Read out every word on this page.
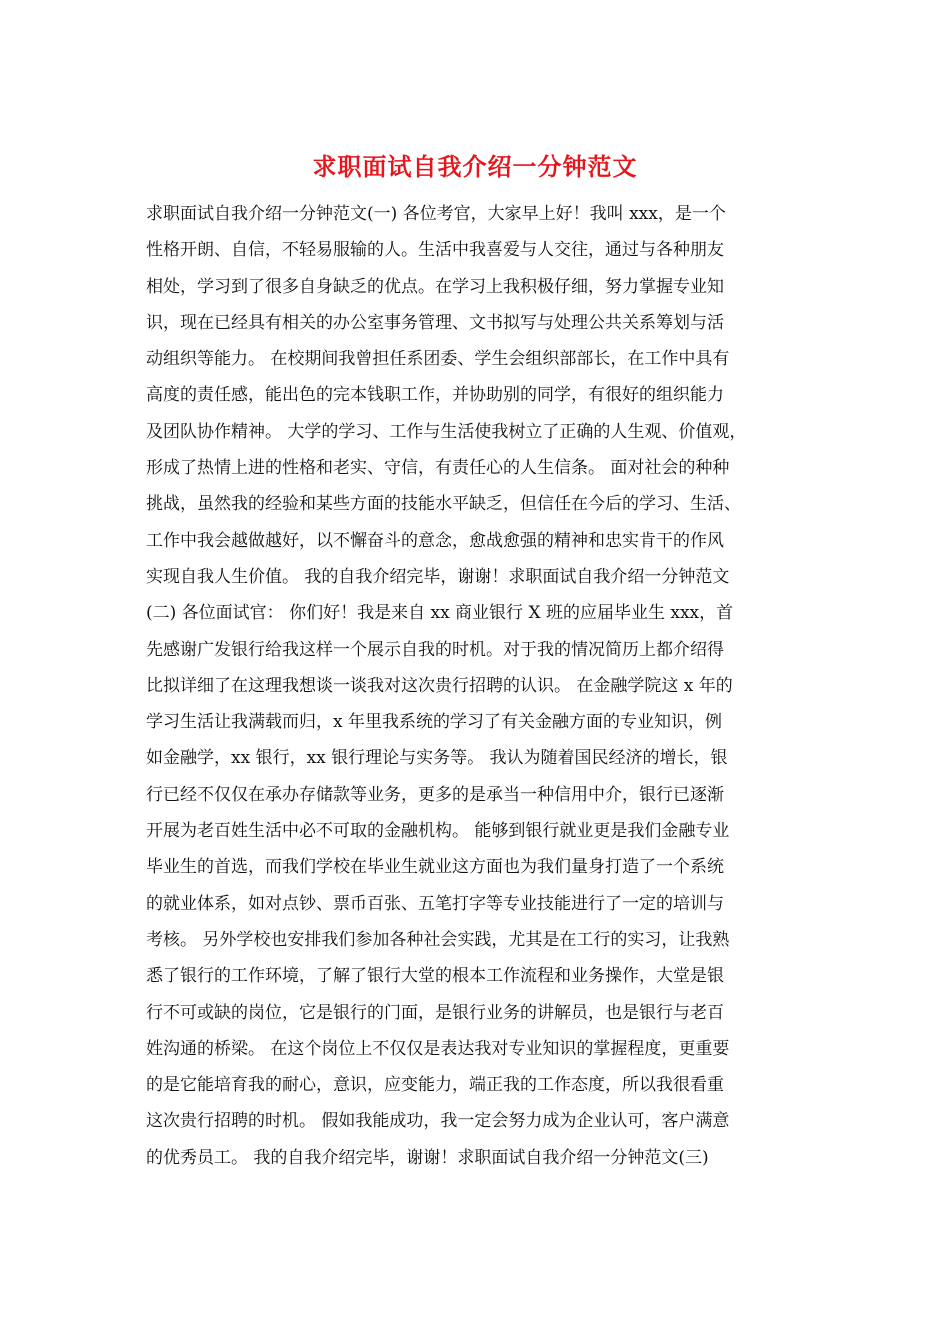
求职面试自我介绍一分钟范文
求职面试自我介绍一分钟范文(一) 各位考官，大家早上好！我叫 xxx，是一个
性格开朗、自信，不轻易服输的人。生活中我喜爱与人交往，通过与各种朋友
相处，学习到了很多自身缺乏的优点。在学习上我积极仔细，努力掌握专业知
识，现在已经具有相关的办公室事务管理、文书拟写与处理公共关系筹划与活
动组织等能力。 在校期间我曾担任系团委、学生会组织部部长，在工作中具有
高度的责任感，能出色的完本钱职工作，并协助别的同学，有很好的组织能力
及团队协作精神。 大学的学习、工作与生活使我树立了正确的人生观、价值观，
形成了热情上进的性格和老实、守信，有责任心的人生信条。 面对社会的种种
挑战，虽然我的经验和某些方面的技能水平缺乏，但信任在今后的学习、生活、
工作中我会越做越好，以不懈奋斗的意念，愈战愈强的精神和忠实肯干的作风
实现自我人生价值。 我的自我介绍完毕，谢谢！求职面试自我介绍一分钟范文
(二) 各位面试官： 你们好！我是来自 xx 商业银行 X 班的应届毕业生 xxx，首
先感谢广发银行给我这样一个展示自我的时机。对于我的情况简历上都介绍得
比拟详细了在这理我想谈一谈我对这次贵行招聘的认识。 在金融学院这 x 年的
学习生活让我满载而归，x 年里我系统的学习了有关金融方面的专业知识，例
如金融学，xx 银行，xx 银行理论与实务等。 我认为随着国民经济的增长，银
行已经不仅仅在承办存储款等业务，更多的是承当一种信用中介，银行已逐渐
开展为老百姓生活中必不可取的金融机构。 能够到银行就业更是我们金融专业
毕业生的首选，而我们学校在毕业生就业这方面也为我们量身打造了一个系统
的就业体系，如对点钞、票币百张、五笔打字等专业技能进行了一定的培训与
考核。 另外学校也安排我们参加各种社会实践，尤其是在工行的实习，让我熟
悉了银行的工作环境，了解了银行大堂的根本工作流程和业务操作，大堂是银
行不可或缺的岗位，它是银行的门面，是银行业务的讲解员，也是银行与老百
姓沟通的桥梁。 在这个岗位上不仅仅是表达我对专业知识的掌握程度，更重要
的是它能培育我的耐心，意识，应变能力，端正我的工作态度，所以我很看重
这次贵行招聘的时机。 假如我能成功，我一定会努力成为企业认可，客户满意
的优秀员工。 我的自我介绍完毕，谢谢！求职面试自我介绍一分钟范文(三)
